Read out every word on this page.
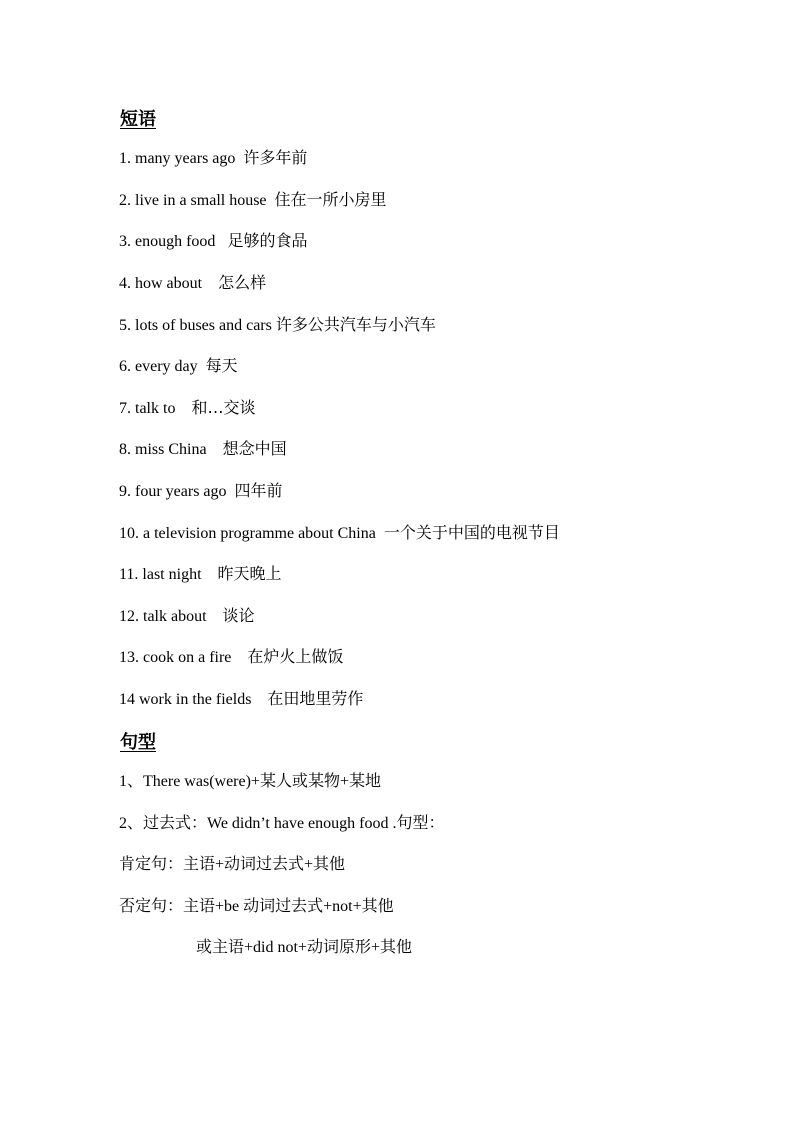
短语
1. many years ago  许多年前
2. live in a small house  住在一所小房里
3. enough food   足够的食品
4. how about    怎么样
5. lots of buses and cars 许多公共汽车与小汽车
6. every day  每天
7. talk to    和…交谈
8. miss China    想念中国
9. four years ago  四年前
10. a television programme about China  一个关于中国的电视节目
11. last night    昨天晚上
12. talk about    谈论
13. cook on a fire    在炉火上做饭
14 work in the fields    在田地里劳作
句型
1、There was(were)+某人或某物+某地
2、过去式：We didn’t have enough food .句型：
肯定句：主语+动词过去式+其他
否定句：主语+be 动词过去式+not+其他
或主语+did not+动词原形+其他
